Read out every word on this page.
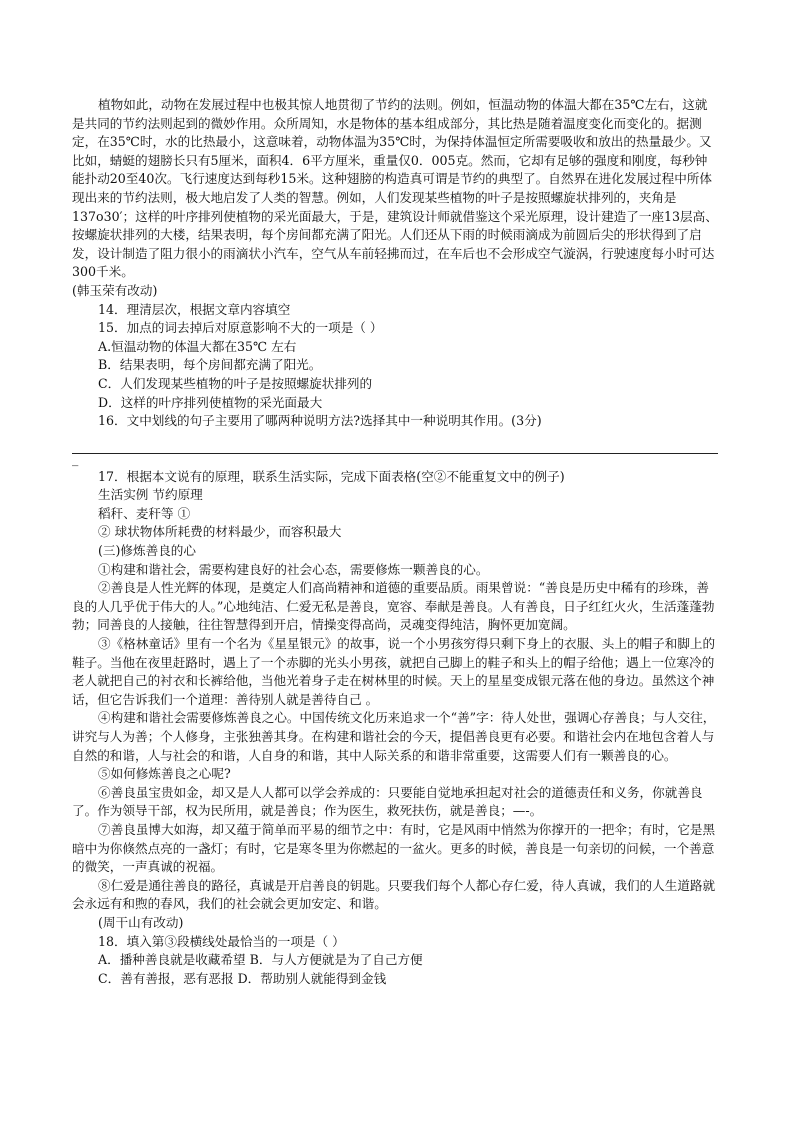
植物如此，动物在发展过程中也极其惊人地贯彻了节约的法则。例如，恒温动物的体温大都在35℃左右，这就是共同的节约法则起到的微妙作用。众所周知，水是物体的基本组成部分，其比热是随着温度变化而变化的。据测定，在35℃时，水的比热最小，这意味着，动物体温为35℃时，为保持体温恒定所需要吸收和放出的热量最少。又比如，蜻蜓的翅膀长只有5厘米，面积4．6平方厘米，重量仅0．005克。然而，它却有足够的强度和刚度，每秒钟能扑动20至40次。飞行速度达到每秒15米。这种翅膀的构造真可谓是节约的典型了。自然界在进化发展过程中所体现出来的节约法则，极大地启发了人类的智慧。例如，人们发现某些植物的叶子是按照螺旋状排列的，夹角是137о30′；这样的叶序排列使植物的采光面最大，于是，建筑设计师就借鉴这个采光原理，设计建造了一座13层高、按螺旋状排列的大楼，结果表明，每个房间都充满了阳光。人们还从下雨的时候雨滴成为前圆后尖的形状得到了启发，设计制造了阻力很小的雨滴状小汽车，空气从车前轻拂而过，在车后也不会形成空气漩涡，行驶速度每小时可达300千米。

(韩玉荣有改动)

14．理清层次，根据文章内容填空

15．加点的词去掉后对原意影响不大的一项是（ ）

A.恒温动物的体温大都在35℃ 左右

B．结果表明，每个房间都充满了阳光。

C．人们发现某些植物的叶子是按照螺旋状排列的

D．这样的叶序排列使植物的采光面最大

16．文中划线的句子主要用了哪两种说明方法?选择其中一种说明其作用。(3分)

_

17．根据本文说有的原理，联系生活实际，完成下面表格(空②不能重复文中的例子)

生活实例 节约原理

稻秆、麦秆等 ①

② 球状物体所耗费的材料最少，而容积最大

(三)修炼善良的心

①构建和谐社会，需要构建良好的社会心态，需要修炼一颗善良的心。

②善良是人性光辉的体现，是奠定人们高尚精神和道德的重要品质。雨果曾说：“善良是历史中稀有的珍珠，善良的人几乎优于伟大的人。”心地纯洁、仁爱无私是善良，宽容、奉献是善良。人有善良，日子红红火火，生活蓬蓬勃勃；同善良的人接触，往往智慧得到开启，情操变得高尚，灵魂变得纯洁，胸怀更加宽阔。

③《格林童话》里有一个名为《星星银元》的故事，说一个小男孩穷得只剩下身上的衣服、头上的帽子和脚上的鞋子。当他在夜里赶路时，遇上了一个赤脚的光头小男孩，就把自己脚上的鞋子和头上的帽子给他；遇上一位寒冷的老人就把自己的衬衣和长裤给他，当他光着身子走在树林里的时候。天上的星星变成银元落在他的身边。虽然这个神话，但它告诉我们一个道理：善待别人就是善待自己 。

④构建和谐社会需要修炼善良之心。中国传统文化历来追求一个“善”字：待人处世，强调心存善良；与人交往，讲究与人为善；个人修身，主张独善其身。在构建和谐社会的今天，提倡善良更有必要。和谐社会内在地包含着人与自然的和谐，人与社会的和谐，人自身的和谐，其中人际关系的和谐非常重要，这需要人们有一颗善良的心。

⑤如何修炼善良之心呢?

⑥善良虽宝贵如金，却又是人人都可以学会养成的：只要能自觉地承担起对社会的道德责任和义务，你就善良了。作为领导干部，权为民所用，就是善良；作为医生，救死扶伤，就是善良；—-。

⑦善良虽博大如海，却又蕴于简单而平易的细节之中：有时，它是风雨中悄然为你撑开的一把伞；有时，它是黑暗中为你倏然点亮的一盏灯；有时，它是寒冬里为你燃起的一盆火。更多的时候，善良是一句亲切的问候，一个善意的微笑，一声真诚的祝福。

⑧仁爱是通往善良的路径，真诚是开启善良的钥匙。只要我们每个人都心存仁爱，待人真诚，我们的人生道路就会永远有和煦的春风，我们的社会就会更加安定、和谐。

(周干山有改动)

18．填入第③段横线处最恰当的一项是（ ）

A．播种善良就是收藏希望 B．与人方便就是为了自己方便

C．善有善报，恶有恶报 D．帮助别人就能得到金钱
